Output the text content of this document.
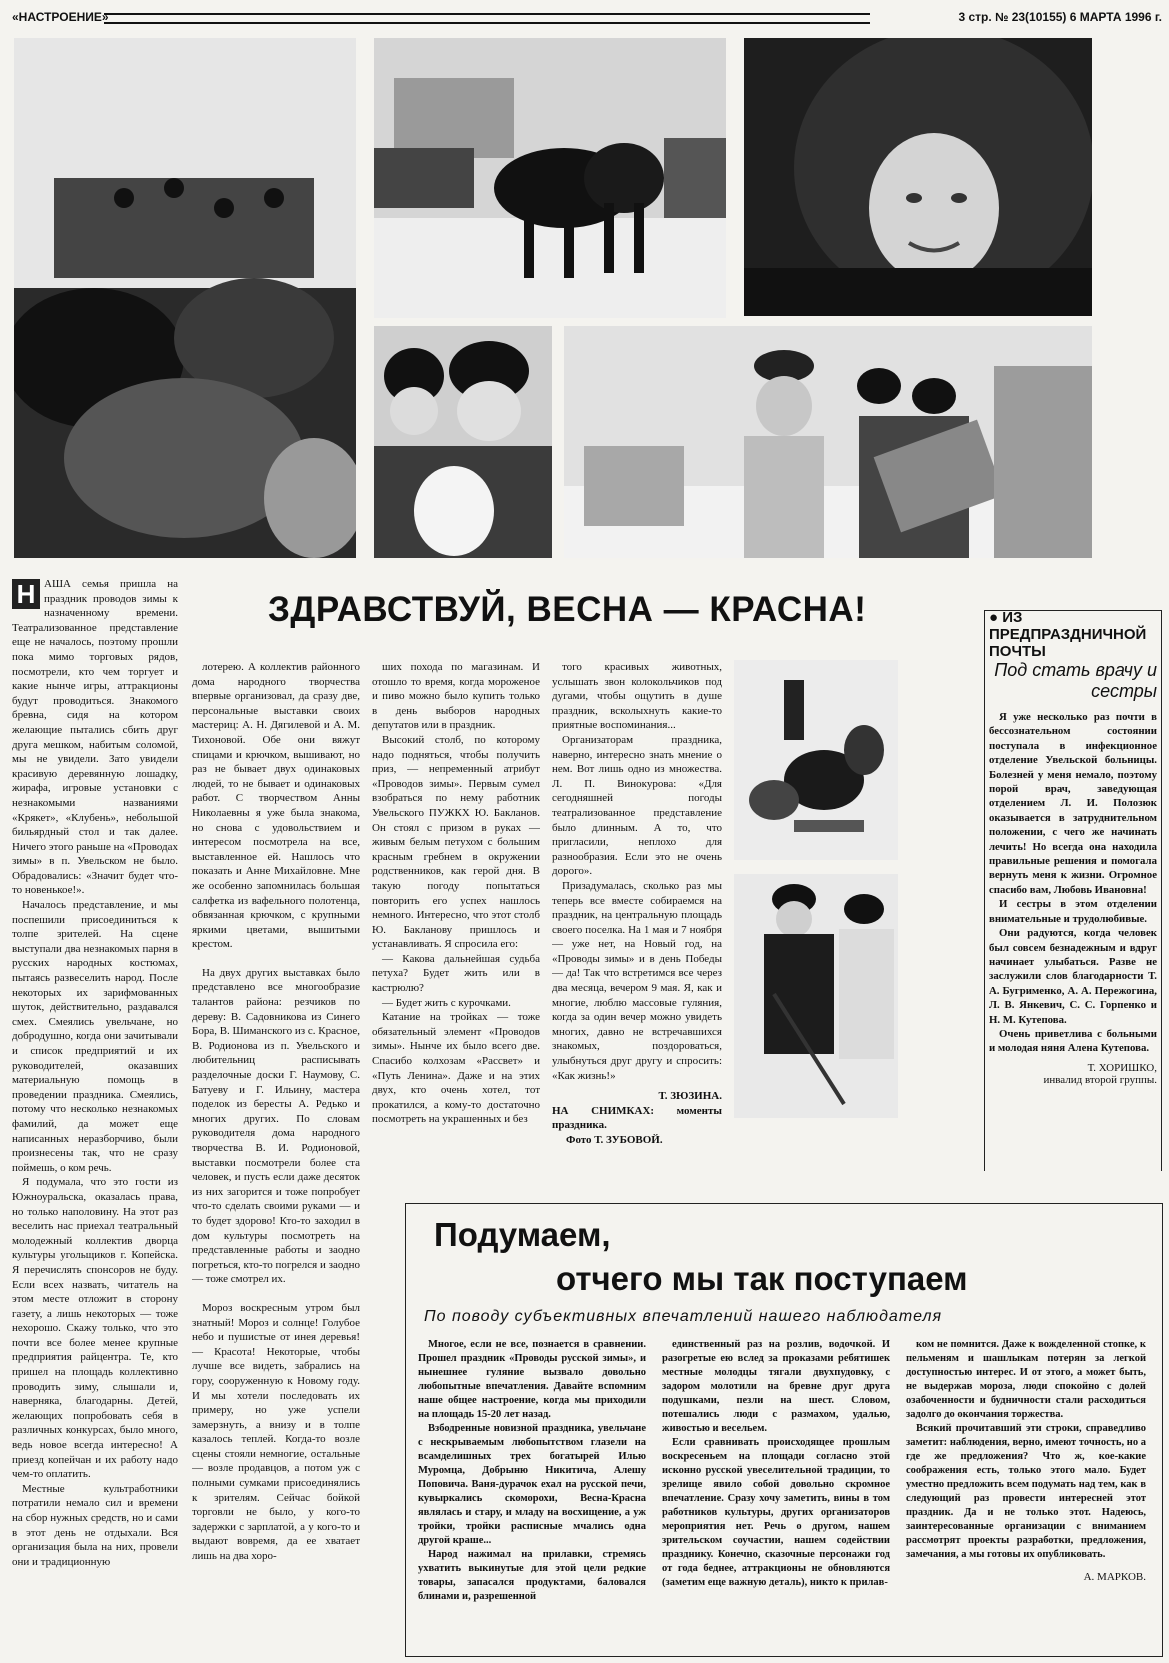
«НАСТРОЕНИЕ»	3 стр. № 23(10155) 6 МАРТА 1996 г.
ЗДРАВСТВУЙ, ВЕСНА — КРАСНА!
Н АША семья пришла на праздник проводов зимы к назначенному времени. Театрализованное представление еще не началось, поэтому прошли пока мимо торговых рядов, посмотрели, кто чем торгует и какие нынче игры, аттракционы будут проводиться. Знакомого бревна, сидя на котором желающие пытались сбить друг друга мешком, набитым соломой, мы не увидели. Зато увидели красивую деревянную лошадку, жирафа, игровые установки с незнакомыми названиями «Крякет», «Клубень», небольшой бильярдный стол и так далее. Ничего этого раньше на «Проводах зимы» в п. Увельском не было. Обрадовались: «Значит будет что-то новенькое!».

Началось представление, и мы поспешили присоединиться к толпе зрителей. На сцене выступали два незнакомых парня в русских народных костюмах, пытаясь развеселить народ. После некоторых их зарифмованных шуток, действительно, раздавался смех. Смеялись увельчане, но добродушно, когда они зачитывали и список предприятий и их руководителей, оказавших материальную помощь в проведении праздника. Смеялись, потому что несколько незнакомых фамилий, да может еще написанных неразборчиво, были произнесены так, что не сразу поймешь, о ком речь.

Я подумала, что это гости из Южноуральска, оказалась права, но только наполовину. На этот раз веселить нас приехал театральный молодежный коллектив дворца культуры угольщиков г. Копейска. Я перечислять спонсоров не буду. Если всех назвать, читатель на этом месте отложит в сторону газету, а лишь некоторых — тоже нехорошо. Скажу только, что это почти все более менее крупные предприятия райцентра. Те, кто пришел на площадь коллективно проводить зиму, слышали и, наверняка, благодарны. Детей, желающих попробовать себя в различных конкурсах, было много, ведь новое всегда интересно! А приезд копейчан и их работу надо чем-то оплатить.

Местные культработники потратили немало сил и времени на сбор нужных средств, но и сами в этот день не отдыхали. Вся организация была на них, провели они и традиционную

лотерею. А коллектив районного дома народного творчества впервые организовал, да сразу две, персональные выставки своих мастериц: А. Н. Дягилевой и А. М. Тихоновой. Обе они вяжут спицами и крючком, вышивают, но раз не бывает двух одинаковых людей, то не бывает и одинаковых работ. С творчеством Анны Николаевны я уже была знакома, но снова с удовольствием и интересом посмотрела на все, выставленное ей. Нашлось что показать и Анне Михайловне. Мне же особенно запомнилась большая салфетка из вафельного полотенца, обвязанная крючком, с крупными яркими цветами, вышитыми крестом.

На двух других выставках было представлено все многообразие талантов района: резчиков по дереву: В. Садовникова из Синего Бора, В. Шиманского из с. Красное, В. Родионова из п. Увельского и любительниц расписывать разделочные доски Г. Наумову, С. Батуеву и Г. Ильину, мастера поделок из бересты А. Редько и многих других. По словам руководителя дома народного творчества В. И. Родионовой, выставки посмотрели более ста человек, и пусть если даже десяток из них загорится и тоже попробует что-то сделать своими руками — и то будет здорово! Кто-то заходил в дом культуры посмотреть на представленные работы и заодно погреться, кто-то погрелся и заодно — тоже смотрел их.

Мороз воскресным утром был знатный! Мороз и солнце! Голубое небо и пушистые от инея деревья! — Красота! Некоторые, чтобы лучше все видеть, забрались на гору, сооруженную к Новому году. И мы хотели последовать их примеру, но уже успели замерзнуть, а внизу и в толпе казалось теплей. Когда-то возле сцены стояли немногие, остальные — возле продавцов, а потом уж с полными сумками присоединялись к зрителям. Сейчас бойкой торговли не было, у кого-то задержки с зарплатой, а у кого-то и выдают вовремя, да ее хватает лишь на два хоро-

ших похода по магазинам. И отошло то время, когда мороженое и пиво можно было купить только в день выборов народных депутатов или в праздник.

Высокий столб, по которому надо подняться, чтобы получить приз, — непременный атрибут «Проводов зимы». Первым сумел взобраться по нему работник Увельского ПУЖКХ Ю. Бакланов. Он стоял с призом в руках — живым белым петухом с большим красным гребнем в окружении родственников, как герой дня. В такую погоду попытаться повторить его успех нашлось немного. Интересно, что этот столб Ю. Бакланову пришлось и устанавливать. Я спросила его:

— Какова дальнейшая судьба петуха? Будет жить или в кастрюлю?

— Будет жить с курочками.

Катание на тройках — тоже обязательный элемент «Проводов зимы». Нынче их было всего две. Спасибо колхозам «Рассвет» и «Путь Ленина». Даже и на этих двух, кто очень хотел, тот прокатился, а кому-то достаточно посмотреть на украшенных и без

того красивых животных, услышать звон колокольчиков под дугами, чтобы ощутить в душе праздник, всколыхнуть какие-то приятные воспоминания...

Организаторам праздника, наверно, интересно знать мнение о нем. Вот лишь одно из множества. Л. П. Винокурова: «Для сегодняшней погоды театрализованное представление было длинным. А то, что пригласили, неплохо для разнообразия. Если это не очень дорого».

Призадумалась, сколько раз мы теперь все вместе собираемся на праздник, на центральную площадь своего поселка. На 1 мая и 7 ноября — уже нет, на Новый год, на «Проводы зимы» и в день Победы — да! Так что встретимся все через два месяца, вечером 9 мая. Я, как и многие, люблю массовые гуляния, когда за один вечер можно увидеть многих, давно не встречавшихся знакомых, поздороваться, улыбнуться друг другу и спросить: «Как жизнь!»

Т. ЗЮЗИНА.
НА СНИМКАХ: моменты праздника.
Фото Т. ЗУБОВОЙ.
● ИЗ ПРЕДПРАЗДНИЧНОЙ ПОЧТЫ
Под стать врачу и сестры

Я уже несколько раз почти в бессознательном состоянии поступала в инфекционное отделение Увельской больницы. Болезней у меня немало, поэтому порой врач, заведующая отделением Л. И. Полозюк оказывается в затруднительном положении, с чего же начинать лечить! Но всегда она находила правильные решения и помогала вернуть меня к жизни. Огромное спасибо вам, Любовь Ивановна!

И сестры в этом отделении внимательные и трудолюбивые.

Они радуются, когда человек был совсем безнадежным и вдруг начинает улыбаться. Разве не заслужили слов благодарности Т. А. Бугрименко, А. А. Пережогина, Л. В. Янкевич, С. С. Горпенко и Н. М. Кутепова.

Очень приветлива с больными и молодая няня Алена Кутепова.

Т. ХОРИШКО,
инвалид второй группы.
Подумаем,
отчего мы так поступаем
По поводу субъективных впечатлений нашего наблюдателя

Многое, если не все, познается в сравнении. Прошел праздник «Проводы русской зимы», и нынешнее гуляние вызвало довольно любопытные впечатления. Давайте вспомним наше общее настроение, когда мы приходили на площадь 15-20 лет назад.

Взбодренные новизной праздника, увельчане с нескрываемым любопытством глазели на всамделишных трех богатырей Илью Муромца, Добрыню Никитича, Алешу Поповича. Ваня-дурачок ехал на русской печи, кувыркались скоморохи, Весна-Красна являлась и стару, и младу на восхищение, а уж тройки, тройки расписные мчались одна другой краше...

Народ нажимал на прилавки, стремясь ухватить выкинутые для этой цели редкие товары, запасался продуктами, баловался блинами и, разрешенной

единственный раз на розлив, водочкой. И разогретые ею вслед за проказами ребятишек местные молодцы тягали двухпудовку, с задором молотили на бревне друг друга подушками, пезли на шест. Словом, потешались люди с размахом, удалью, живостью и весельем.

Если сравнивать происходящее прошлым воскресеньем на площади согласно этой исконно русской увеселительной традиции, то зрелище явило собой довольно скромное впечатление. Сразу хочу заметить, вины в том работников культуры, других организаторов мероприятия нет. Речь о другом, нашем зрительском соучастии, нашем содействии празднику. Конечно, сказочные персонажи год от года беднее, аттракционы не обновляются (заметим еще важную деталь), никто к прилав-

ком не помнится. Даже к вожделенной стопке, к пельменям и шашлыкам потерян за легкой доступностью интерес. И от этого, а может быть, не выдержав мороза, люди спокойно с долей озабоченности и будничности стали расходиться задолго до окончания торжества.

Всякий прочитавший эти строки, справедливо заметит: наблюдения, верно, имеют точность, но а где же предложения? Что ж, кое-какие соображения есть, только этого мало. Будет уместно предложить всем подумать над тем, как в следующий раз провести интересней этот праздник. Да и не только этот. Надеюсь, заинтересованные организации с вниманием рассмотрят проекты разработки, предложения, замечания, а мы готовы их опубликовать.

А. МАРКОВ.
